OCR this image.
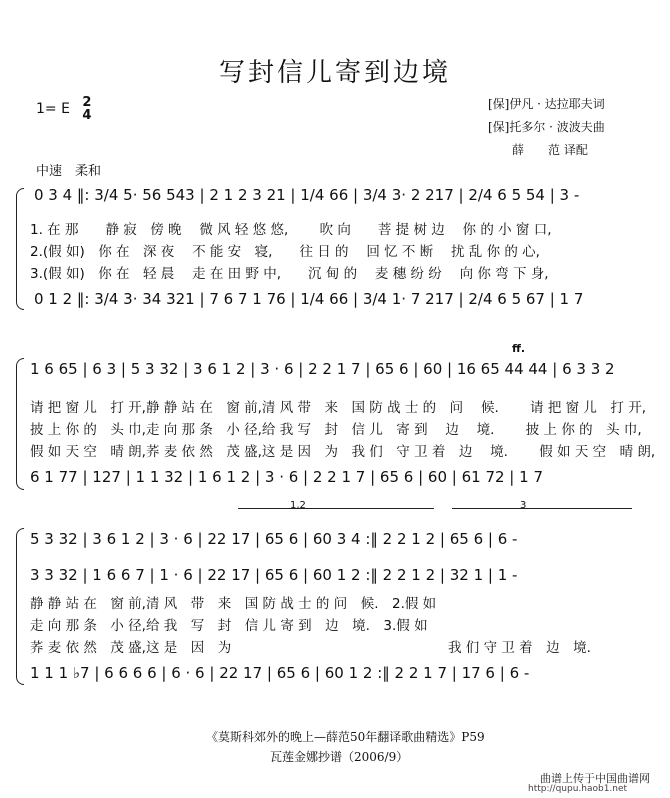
写封信儿寄到边境
1= E 2
4
[保]伊凡 · 达拉耶夫词
[保]托多尔 · 波波夫曲
薛　　范 译配
中速　柔和
0 3 4 ‖: 3/4 5· 56 543 | 2 1 2 3 21 | 1/4 66 | 3/4 3· 2 217 | 2/4 6 5 54 | 3 -
1. 在 那　　静 寂　傍 晚　 微 风 轻 悠 悠,　　 吹 向　　菩 提 树 边　 你 的 小 窗 口,
2.(假 如)　你 在　深 夜　 不 能 安　寝,　　往 日 的　 回 忆 不 断　 扰 乱 你 的 心,
3.(假 如)　你 在　轻 晨　 走 在 田 野 中,　　沉 甸 的　 麦 穗 纷 纷　 向 你 弯 下 身,
0 1 2 ‖: 3/4 3· 34 321 | 7 6 7 1 76 | 1/4 66 | 3/4 1· 7 217 | 2/4 6 5 67 | 1 7
ff.
1 6 65 | 6 3 | 5 3 32 | 3 6 1 2 | 3 · 6 | 2 2 1 7 | 65 6 | 60 | 16 65 44 44 | 6 3 3 2
请 把 窗 儿　打 开,静 静 站 在　窗 前,清 风 带　来　国 防 战 士 的　问　 候.　　 请 把 窗 儿　打 开,
披 上 你 的　头 巾,走 向 那 条　小 径,给 我 写　封　信 儿　寄 到　 边　 境.　　 披 上 你 的　头 巾,
假 如 天 空　晴 朗,荞 麦 依 然　茂 盛,这 是 因　为　我 们　守 卫 着　边　 境.　　 假 如 天 空　晴 朗,
6 1 77 | 127 | 1 1 32 | 1 6 1 2 | 3 · 6 | 2 2 1 7 | 65 6 | 60 | 61 72 | 1 7
1,2	3
5 3 32 | 3 6 1 2 | 3 · 6 | 22 17 | 65 6 | 60 3 4 :‖ 2 2 1 2 | 65 6 | 6 -
3 3 32 | 1 6 6 7 | 1 · 6 | 22 17 | 65 6 | 60 1 2 :‖ 2 2 1 2 | 32 1 | 1 -
静 静 站 在　窗 前,清 风　带　来　国 防 战 士 的 问　候.　2.假 如
走 向 那 条　小 径,给 我　写　封　信 儿 寄 到　边　境.　3.假 如
荞 麦 依 然　茂 盛,这 是　因　为	我 们 守 卫 着　边　境.
1 1 1 ♭7 | 6 6 6 6 | 6 · 6 | 22 17 | 65 6 | 60 1 2 :‖ 2 2 1 7 | 17 6 | 6 -
《莫斯科郊外的晚上—薛范50年翻译歌曲精选》P59
瓦莲金娜抄谱（2006/9）
曲谱上传于中国曲谱网
http://qupu.haob1.net
